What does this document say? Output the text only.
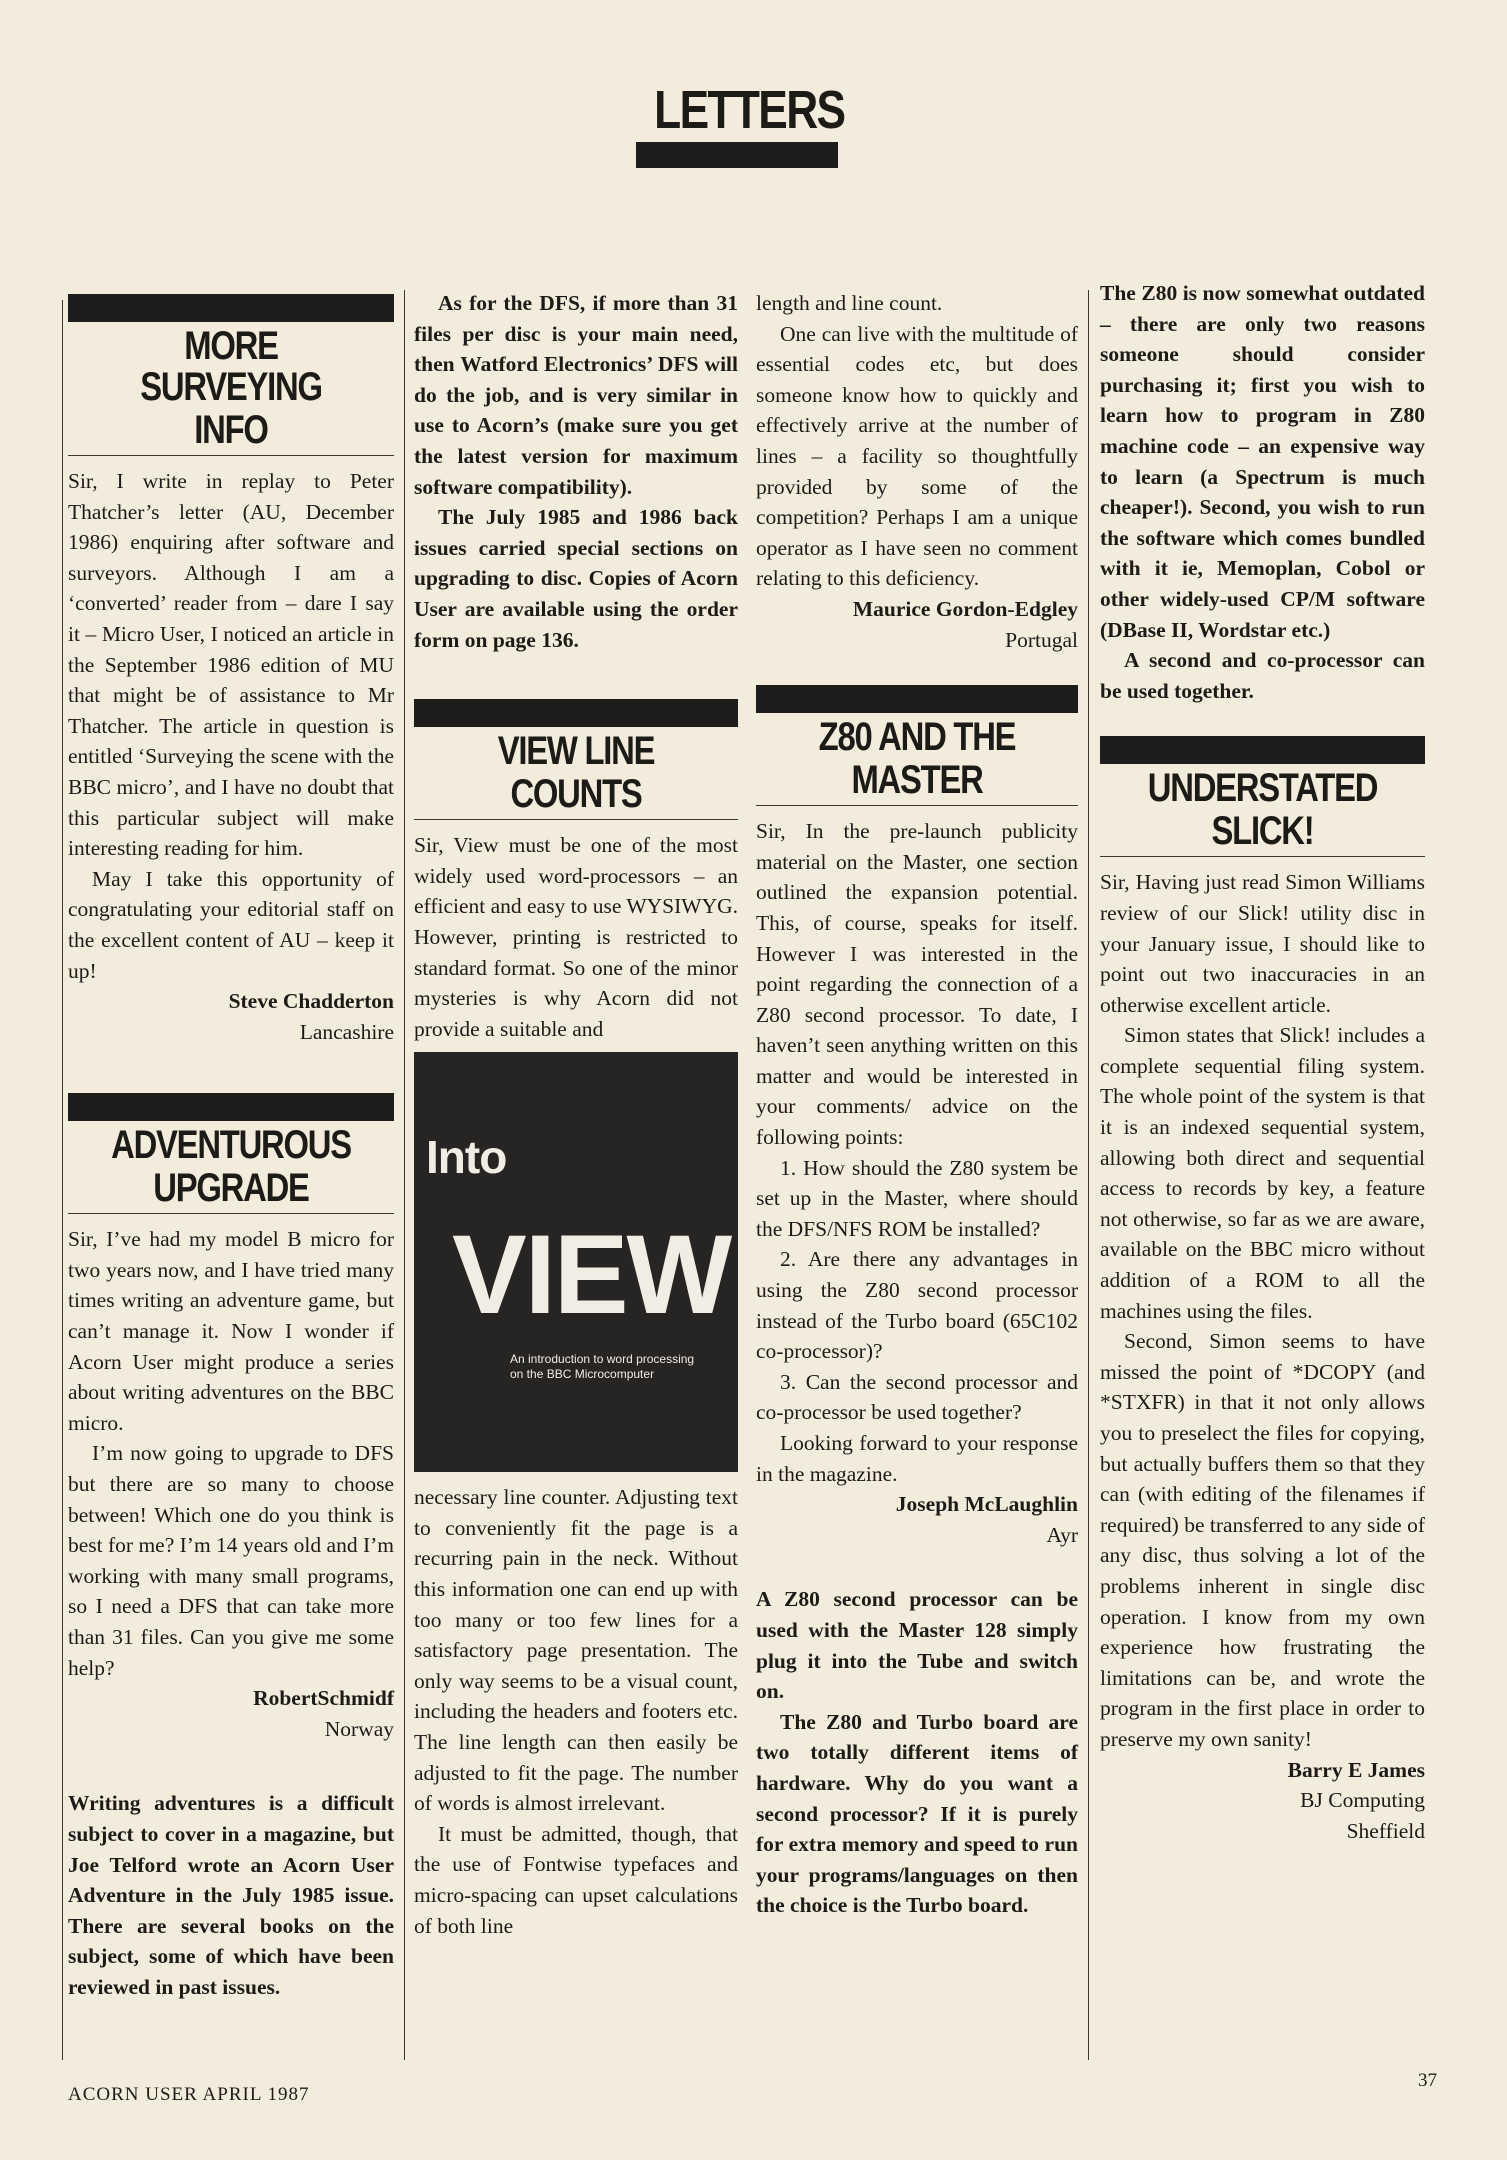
LETTERS
MORE SURVEYING
INFO

Sir, I write in replay to Peter Thatcher’s letter (AU, December 1986) enquiring after software and surveyors. Although I am a ‘converted’ reader from – dare I say it – Micro User, I noticed an article in the September 1986 edition of MU that might be of assistance to Mr Thatcher. The article in question is entitled ‘Surveying the scene with the BBC micro’, and I have no doubt that this particular subject will make interesting reading for him.

May I take this opportunity of congratulating your editorial staff on the excellent content of AU – keep it up!

Steve Chadderton

Lancashire

ADVENTUROUS
UPGRADE

Sir, I’ve had my model B micro for two years now, and I have tried many times writing an adventure game, but can’t manage it. Now I wonder if Acorn User might produce a series about writing adventures on the BBC micro.

I’m now going to upgrade to DFS but there are so many to choose between! Which one do you think is best for me? I’m 14 years old and I’m working with many small programs, so I need a DFS that can take more than 31 files. Can you give me some help?

RobertSchmidf

Norway

Writing adventures is a difficult subject to cover in a magazine, but Joe Telford wrote an Acorn User Adventure in the July 1985 issue. There are several books on the subject, some of which have been reviewed in past issues.

As for the DFS, if more than 31 files per disc is your main need, then Watford Electronics’ DFS will do the job, and is very similar in use to Acorn’s (make sure you get the latest version for maximum software compatibility).

The July 1985 and 1986 back issues carried special sections on upgrading to disc. Copies of Acorn User are available using the order form on page 136.

VIEW LINE
COUNTS

Sir, View must be one of the most widely used word-processors – an efficient and easy to use WYSIWYG. However, printing is restricted to standard format. So one of the minor mysteries is why Acorn did not provide a suitable and

Into
VIEW
An introduction to word processing
on the BBC Microcomputer

necessary line counter. Adjusting text to conveniently fit the page is a recurring pain in the neck. Without this information one can end up with too many or too few lines for a satisfactory page presentation. The only way seems to be a visual count, including the headers and footers etc. The line length can then easily be adjusted to fit the page. The number of words is almost irrelevant.

It must be admitted, though, that the use of Fontwise typefaces and micro-spacing can upset calculations of both line

length and line count.

One can live with the multitude of essential codes etc, but does someone know how to quickly and effectively arrive at the number of lines – a facility so thoughtfully provided by some of the competition? Perhaps I am a unique operator as I have seen no comment relating to this deficiency.

Maurice Gordon-Edgley

Portugal

Z80 AND THE
MASTER

Sir, In the pre-launch publicity material on the Master, one section outlined the expansion potential. This, of course, speaks for itself. However I was interested in the point regarding the connection of a Z80 second processor. To date, I haven’t seen anything written on this matter and would be interested in your comments/ advice on the following points:

1. How should the Z80 system be set up in the Master, where should the DFS/NFS ROM be installed?

2. Are there any advantages in using the Z80 second processor instead of the Turbo board (65C102 co-processor)?

3. Can the second processor and co-processor be used together?

Looking forward to your response in the magazine.

Joseph McLaughlin

Ayr

A Z80 second processor can be used with the Master 128 simply plug it into the Tube and switch on.

The Z80 and Turbo board are two totally different items of hardware. Why do you want a second processor? If it is purely for extra memory and speed to run your programs/languages on then the choice is the Turbo board.

The Z80 is now somewhat outdated – there are only two reasons someone should consider purchasing it; first you wish to learn how to program in Z80 machine code – an expensive way to learn (a Spectrum is much cheaper!). Second, you wish to run the software which comes bundled with it ie, Memoplan, Cobol or other widely-used CP/M software (DBase II, Wordstar etc.)

A second and co-processor can be used together.

UNDERSTATED
SLICK!

Sir, Having just read Simon Williams review of our Slick! utility disc in your January issue, I should like to point out two inaccuracies in an otherwise excellent article.

Simon states that Slick! includes a complete sequential filing system. The whole point of the system is that it is an indexed sequential system, allowing both direct and sequential access to records by key, a feature not otherwise, so far as we are aware, available on the BBC micro without addition of a ROM to all the machines using the files.

Second, Simon seems to have missed the point of *DCOPY (and *STXFR) in that it not only allows you to preselect the files for copying, but actually buffers them so that they can (with editing of the filenames if required) be transferred to any side of any disc, thus solving a lot of the problems inherent in single disc operation. I know from my own experience how frustrating the limitations can be, and wrote the program in the first place in order to preserve my own sanity!

Barry E James

BJ Computing

Sheffield

ACORN USER APRIL 1987
37
